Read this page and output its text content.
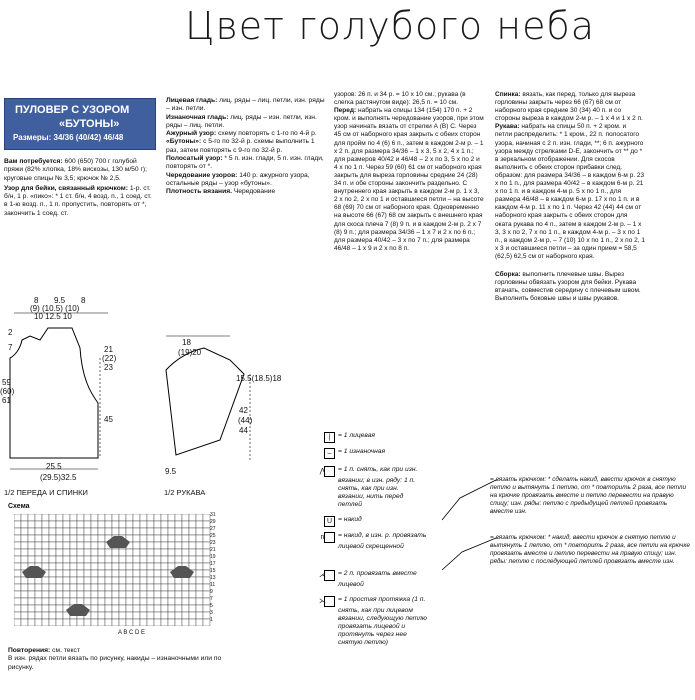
Цвет голубого неба
ПУЛОВЕР С УЗОРОМ
«БУТОНЫ»
Размеры: 34/36 (40/42) 46/48

Вам потребуется: 600 (650) 700 г голубой пряжи (82% хлопка, 18% вискозы, 130 м/50 г); круговые спицы № 3,5; крючок № 2,5.

Узор для бейки, связанный крючком: 1-р. ст. б/н, 1 р. «пико»: * 1 ст. б/н, 4 возд. п., 1 соед. ст. в 1-ю возд. п., 1 п. пропустить, повторять от *, закончить 1 соед. ст.

Лицевая гладь: лиц. ряды – лиц. петли, изн. ряды – изн. петли.

Изнаночная гладь: лиц. ряды – изн. петли, изн. ряды – лиц. петли.

Ажурный узор: схему повторять с 1-го по 4-й р.

«Бутоны»: с 5-го по 32-й р. схемы выполнить 1 раз, затем повторять с 9-го по 32-й р.

Полосатый узор: * 5 п. изн. глади, 5 п. изн. глади, повторять от *.

Чередование узоров: 140 р. ажурного узора, остальные ряды – узор «бутоны».

Плотность вязания. Чередование

узоров: 26 п. и 34 р. = 10 х 10 см.; рукава (в слегка растянутом виде): 26,5 п. = 10 см.

Перед: набрать на спицы 134 (154) 170 п. + 2 кром. и выполнять чередование узоров, при этом узор начинать вязать от стрелки А (В) С. Через 45 см от наборного края закрыть с обеих сторон для пройм по 4 (6) 6 п., затем в каждом 2-м р. – 1 х 2 п. для размера 34/36 – 1 х 3, 5 х 2, 4 х 1 п.; для размеров 40/42 и 46/48 – 2 х по 3, 5 х по 2 и 4 х по 1 п. Через 59 (60) 61 см от наборного края закрыть для выреза горловины средние 24 (28) 34 п. и обе стороны закончить раздельно. С внутреннего края закрыть в каждом 2-м р. 1 х 3, 2 х по 2, 2 х по 1 и оставшиеся петли – на высоте 68 (69) 70 см от наборного края. Одновременно на высоте 66 (67) 68 см закрыть с внешнего края для скоса плеча 7 (8) 9 п. и в каждом 2-м р. 2 х 7 (8) 9 п.; для размера 34/36 – 1 х 7 и 2 х по 6 п.; для размера 40/42 – 3 х по 7 п.; для размера 46/48 – 1 х 9 и 2 х по 8 п.

Спинка: вязать, как перед, только для выреза горловины закрыть через 66 (67) 68 см от наборного края средние 30 (34) 40 п. и со стороны выреза в каждом 2-м р. – 1 х 4 и 1 х 2 п.

Рукава: набрать на спицы 50 п. + 2 кром. и петли распределить: * 1 кром., 22 п. полосатого узора, начиная с 2 п. изн. глади, **; 6 п. ажурного узора между стрелками D-E, закончить от ** до * в зеркальном отображении. Для скосов выполнить с обеих сторон прибавки след. образом: для размера 34/36 – в каждом 6-м р. 23 х по 1 п., для размера 40/42 – в каждом 6-м р. 21 х по 1 п. и в каждом 4-м р. 5 х по 1 п., для размера 46/48 – в каждом 6-м р. 17 х по 1 п. и в каждом 4-м р. 11 х по 1 п. Через 42 (44) 44 см от наборного края закрыть с обеих сторон для оката рукава по 4 п., затем в каждом 2-м р. – 1 х 3, 3 х по 2, 7 х по 1 п., в каждом 4-м р. – 3 х по 1 п., в каждом 2-м р. – 7 (10) 10 х по 1 п., 2 х по 2, 1 х 3 и оставшиеся петли – за один прием = 58,5 (62,5) 62,5 см от наборного края.

Сборка: выполнить плечевые швы. Вырез горловины обвязать узором для бейки. Рукава втачать, совместив середину с плечевым швом. Выполнить боковые швы и швы рукавов.

8 9.5 8
(9) (10.5) (10)
10 12.5 10
2
7	21
(22)
23
59
(60)
61
45
25.5
(29.5)32.5
1/2 ПЕРЕДА И СПИНКИ
18
(19)20
15.5(18.5)18
42
(44)
44
9.5
1/2 РУКАВА
Схема
31
29
27
25
23
21
19
17
15
13
11
9
7
5
3
1
A B C D E

Повторения: см. текст

В изн. рядах петли вязать по рисунку, накиды – изнаночными или по рисунку.

| = 1 лицевая
– = 1 изнаночная
⋀ = 1 п. снять, как при изн. вязании; в изн. ряду: 1 п. снять, как при изн. вязании, нить перед петлей
U = накид
n = накид, в изн. р. провязать лицевой скрещенной
⋌ = 2 п. провязать вместе лицевой
⋋ = 1 простая протяжка (1 п. снять, как при лицевом вязании, следующую петлю провязать лицевой и протянуть через нее снятую петлю)
= вязать крючком: * сделать накид, ввести крючок в снятую петлю и вытянуть 1 петлю, от * повторить 2 раза, все петли на крючке провязать вместе и петлю перевести на правую спицу; изн. ряды: петлю с предыдущей петлей провязать вместе изн.
= вязать крючком: * накид, ввести крючок в снятую петлю и вытянуть 1 петлю, от * повторить 2 раза, все петли на крючке провязать вместе и петлю перевести на правую спицу; изн. ряды: петлю с последующей петлей провязать вместе изн.
